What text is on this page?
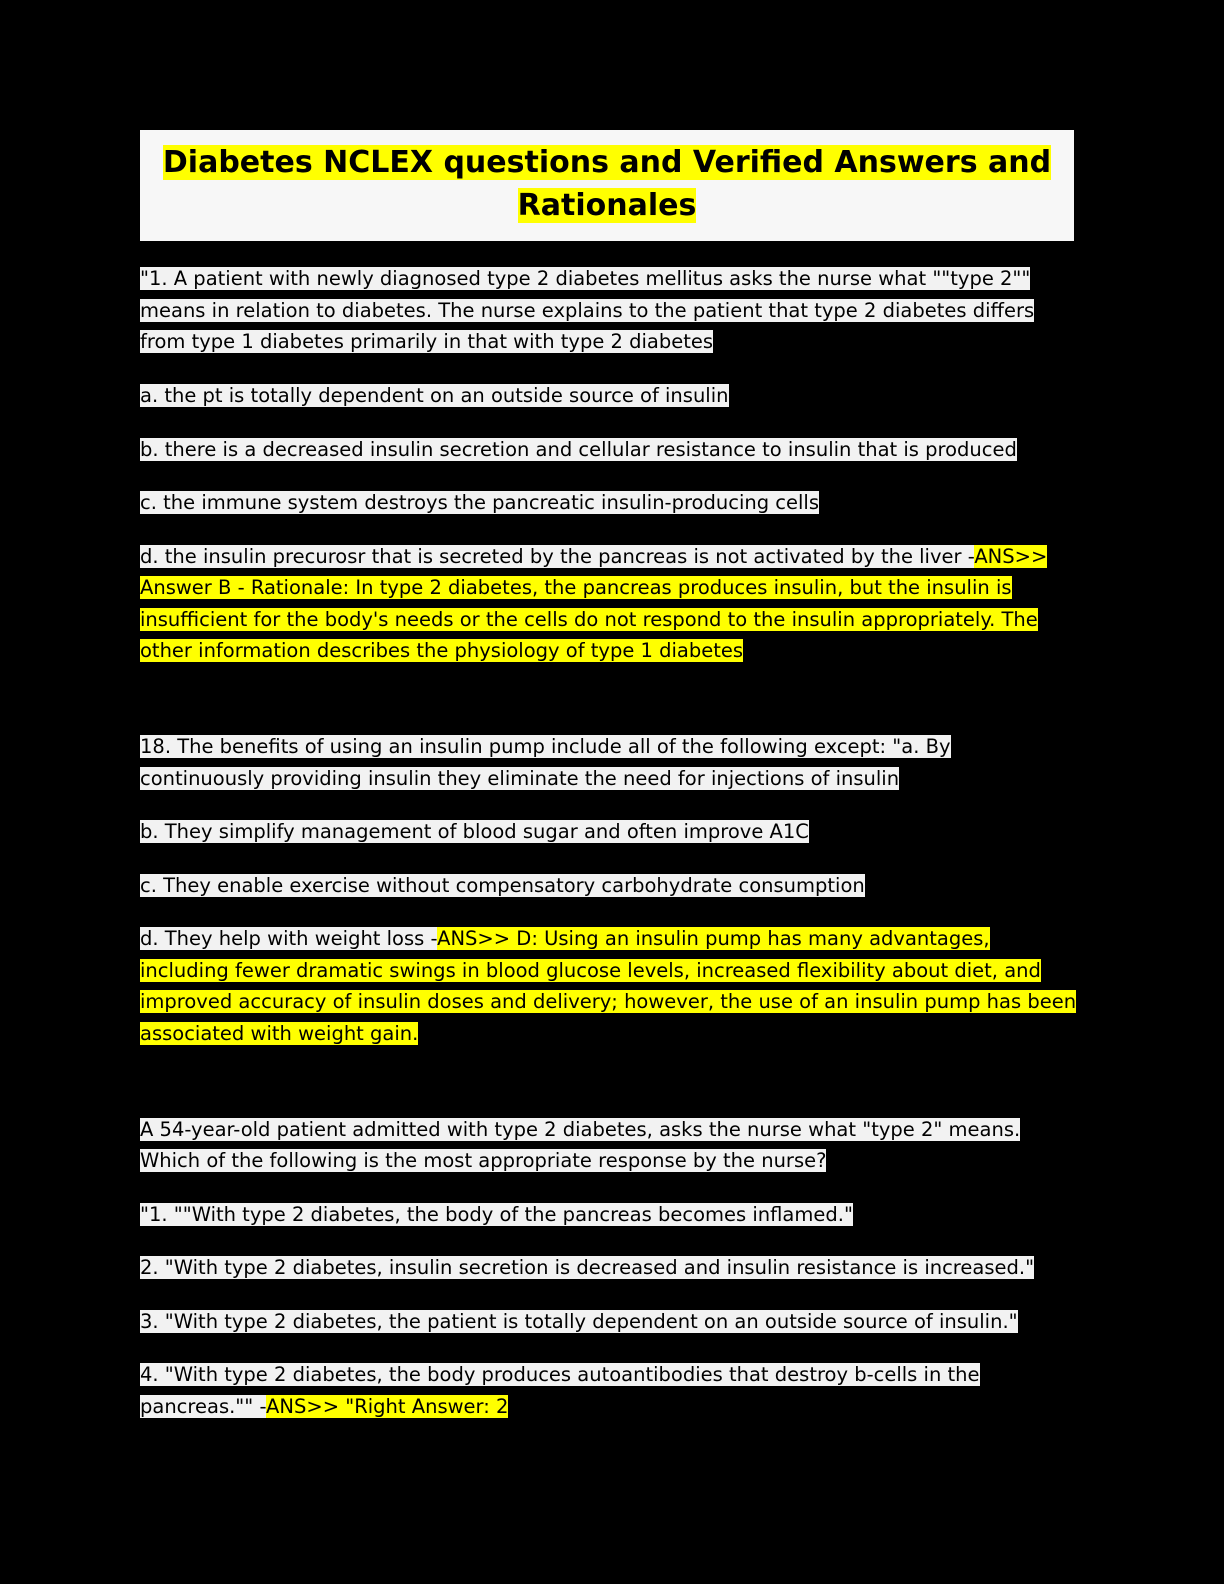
Diabetes NCLEX questions and Verified Answers and
Rationales
"1. A patient with newly diagnosed type 2 diabetes mellitus asks the nurse what ""type 2"" means in relation to diabetes. The nurse explains to the patient that type 2 diabetes differs from type 1 diabetes primarily in that with type 2 diabetes
a. the pt is totally dependent on an outside source of insulin
b. there is a decreased insulin secretion and cellular resistance to insulin that is produced
c. the immune system destroys the pancreatic insulin-producing cells
d. the insulin precurosr that is secreted by the pancreas is not activated by the liver -ANS>> Answer B - Rationale: In type 2 diabetes, the pancreas produces insulin, but the insulin is insufficient for the body's needs or the cells do not respond to the insulin appropriately. The other information describes the physiology of type 1 diabetes
18. The benefits of using an insulin pump include all of the following except: "a. By continuously providing insulin they eliminate the need for injections of insulin
b. They simplify management of blood sugar and often improve A1C
c. They enable exercise without compensatory carbohydrate consumption
d. They help with weight loss -ANS>> D: Using an insulin pump has many advantages, including fewer dramatic swings in blood glucose levels, increased flexibility about diet, and improved accuracy of insulin doses and delivery; however, the use of an insulin pump has been associated with weight gain.
A 54-year-old patient admitted with type 2 diabetes, asks the nurse what "type 2" means. Which of the following is the most appropriate response by the nurse?
"1. ""With type 2 diabetes, the body of the pancreas becomes inflamed."
2. "With type 2 diabetes, insulin secretion is decreased and insulin resistance is increased."
3. "With type 2 diabetes, the patient is totally dependent on an outside source of insulin."
4. "With type 2 diabetes, the body produces autoantibodies that destroy b-cells in the pancreas."" -ANS>> "Right Answer: 2
